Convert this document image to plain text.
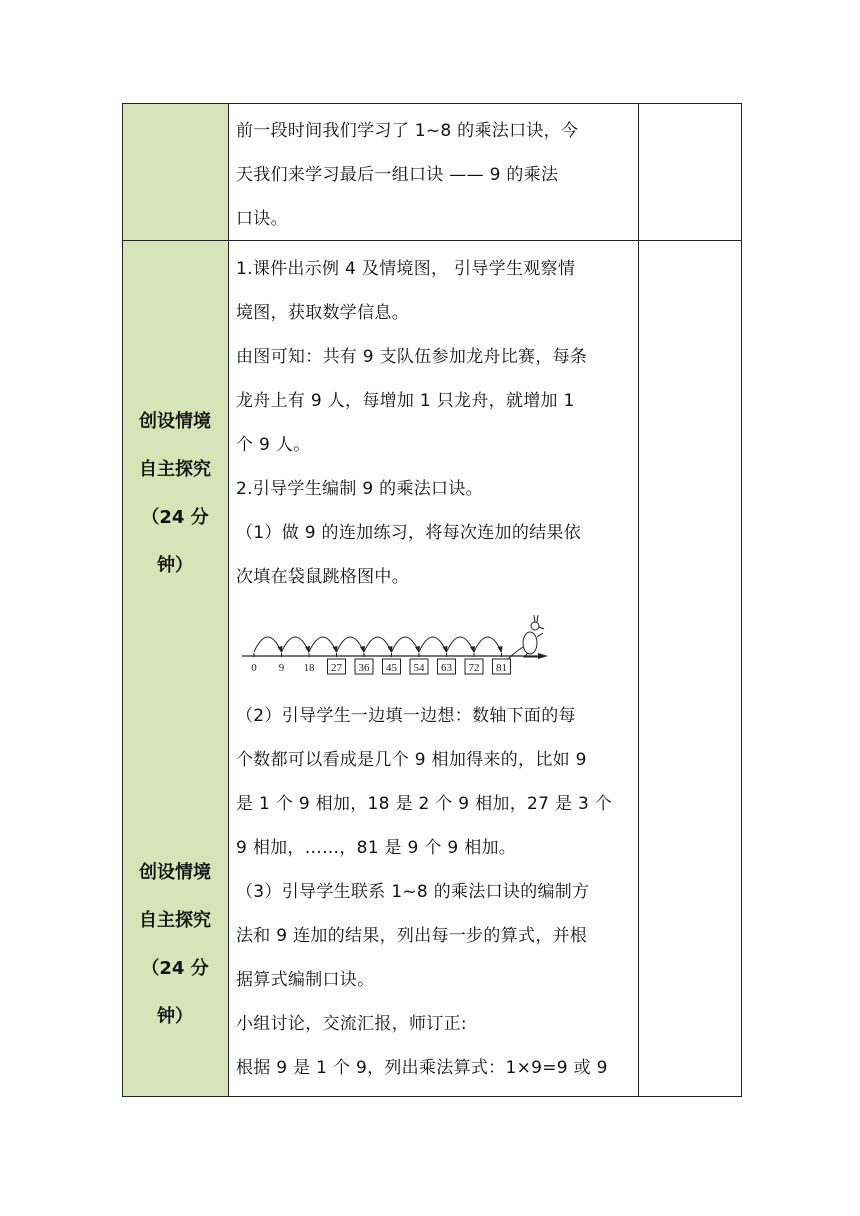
前一段时间我们学习了 1~8 的乘法口诀，今

天我们来学习最后一组口诀 —— 9 的乘法

口诀。

创设情境
自主探究
（24 分
钟）
创设情境
自主探究
（24 分
钟）

1.课件出示例 4 及情境图， 引导学生观察情

境图，获取数学信息。

由图可知：共有 9 支队伍参加龙舟比赛，每条

龙舟上有 9 人，每增加 1 只龙舟，就增加 1

个 9 人。

2.引导学生编制 9 的乘法口诀。

（1）做 9 的连加练习，将每次连加的结果依

次填在袋鼠跳格图中。

0 9 18 27 36 45 54 63 72 81

（2）引导学生一边填一边想：数轴下面的每

个数都可以看成是几个 9 相加得来的，比如 9

是 1 个 9 相加，18 是 2 个 9 相加，27 是 3 个

9 相加，……，81 是 9 个 9 相加。

（3）引导学生联系 1~8 的乘法口诀的编制方

法和 9 连加的结果，列出每一步的算式，并根

据算式编制口诀。

小组讨论，交流汇报，师订正:

根据 9 是 1 个 9，列出乘法算式：1×9=9 或 9
